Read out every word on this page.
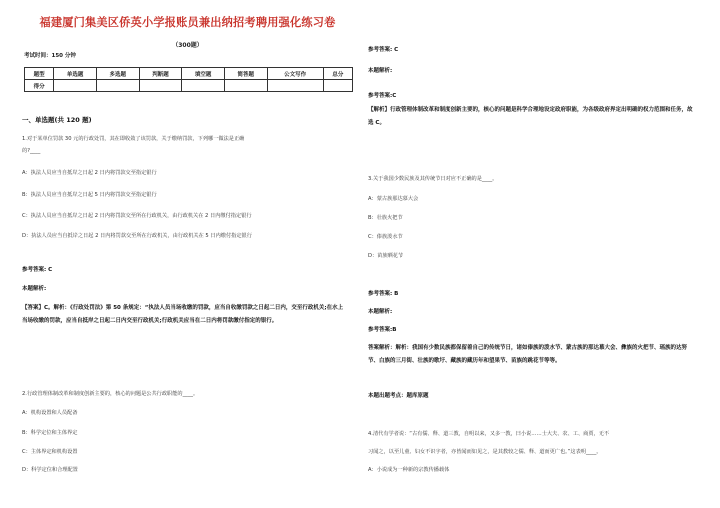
福建厦门集美区侨英小学报账员兼出纳招考聘用强化练习卷
（300题）
考试时间：150 分钟
题型	单选题	多选题	判断题	填空题	简答题	公文写作	总分
得分							
一、单选题(共 120 题)
1.对于某单位罚款 30 元的行政处罚，其在即收敛了该罚款，关于缴纳罚款，下列哪一做法是正确
的?____
A：执法人员应当自抵岸之日起 2 日内将罚款交至指定银行
B：执法人员应当自抵岸之日起 5 日内将罚款交至指定银行
C：执法人员应当自抵岸之日起 2 日内将罚款交至所在行政机关，由行政机关在 2 日内缴付指定银行
D：执法人员应当自抵岸之日起 2 日内将罚款交至所在行政机关，由行政机关在 5 日内缴付指定银行
参考答案: C
本题解析:
【答案】C。解析：《行政处罚法》第 50 条规定：“执法人员当场收缴的罚款，应当自收缴罚款之日起二日内，交至行政机关;在水上当场收缴的罚款，应当自抵岸之日起二日内交至行政机关;行政机关应当在二日内将罚款缴付指定的银行。
2.行政管理体制改革和制度创新主要的，核心的问题是公共行政职能的____。
A：机构设置和人员配备
B：科学定位和主体界定
C：主体界定和机构设置
D：科学定位和合理配置
参考答案: C
本题解析:
参考答案:C
【解析】行政管理体制改革和制度创新主要的，核心的问题是科学合理地设定政府职能，为各级政府界定出明确的权力范围和任务，故选 C。
3.关于我国少数民族及其传统节日对应不正确的是____。
A：蒙古族那达慕大会
B：壮族火把节
C：傣族泼水节
D：苗族晒花节
参考答案: B
本题解析:
参考答案:B
答案解析：解析：我国有少数民族都保留着自己的传统节日，诸如傣族的泼水节、蒙古族的那达慕大会、彝族的火把节、瑶族的达努节、白族的三月街、壮族的歌圩、藏族的藏历年和望果节、苗族的跳花节等等。
本题出题考点：题库原题
4.清代有学者说：“古有儒、释、道三教，自明以来，又多一教，曰小说……士大夫、农、工、商贾，无不
习闻之，以至儿童、妇女不识字者，亦皆闻而如见之，是其教较之儒、释、道而更广也。”这表明____。
A：小说成为一种新的宗教传播载体
